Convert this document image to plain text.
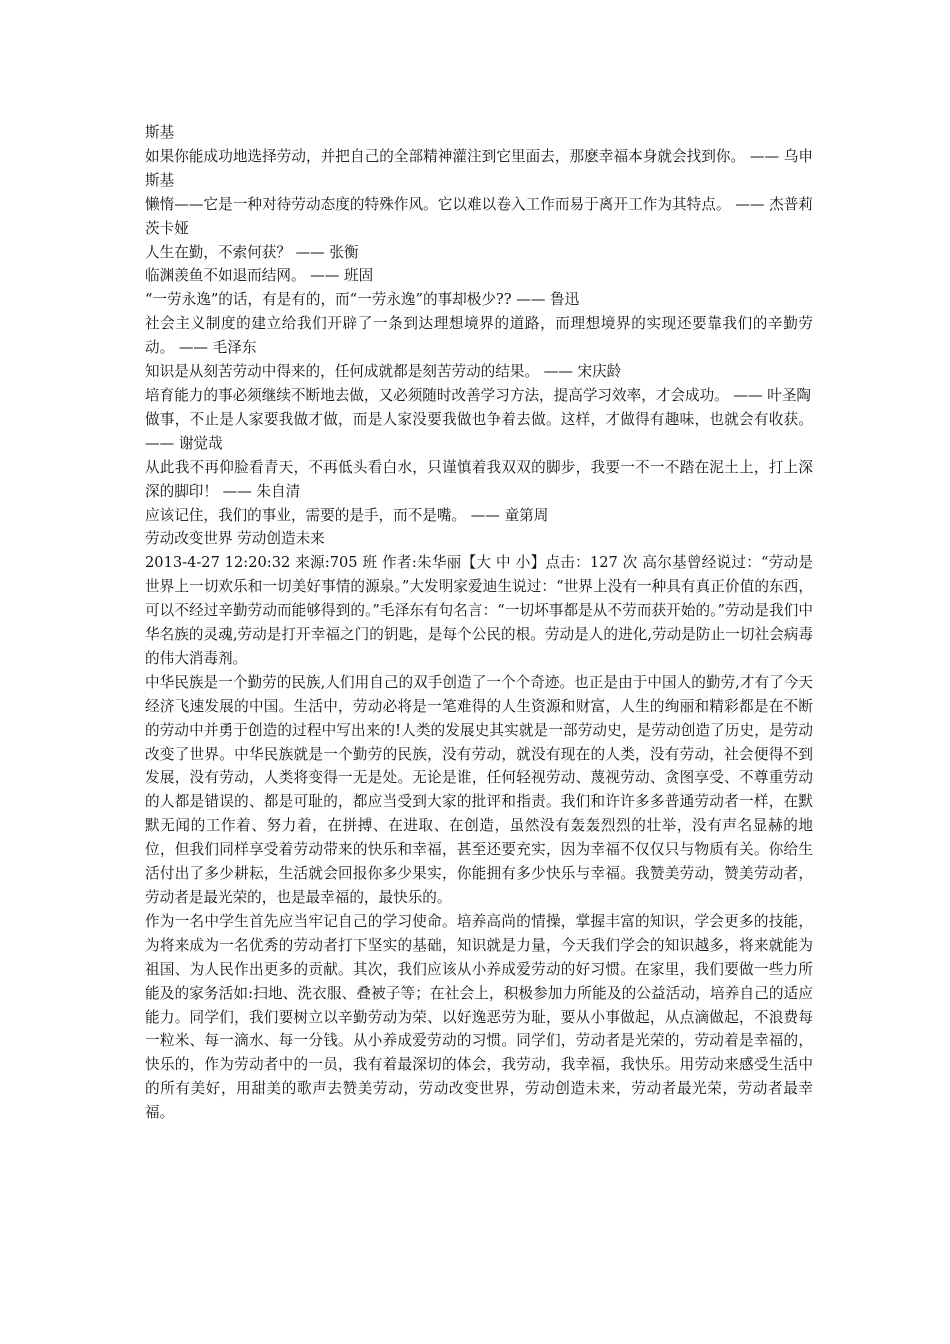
斯基

如果你能成功地选择劳动，并把自己的全部精神灌注到它里面去，那麽幸福本身就会找到你。 —— 乌申斯基

懒惰——它是一种对待劳动态度的特殊作风。它以难以卷入工作而易于离开工作为其特点。 —— 杰普莉茨卡娅

人生在勤，不索何获？ —— 张衡

临渊羡鱼不如退而结网。 —— 班固

“一劳永逸”的话，有是有的，而“一劳永逸”的事却极少?? —— 鲁迅

社会主义制度的建立给我们开辟了一条到达理想境界的道路，而理想境界的实现还要靠我们的辛勤劳动。 —— 毛泽东

知识是从刻苦劳动中得来的，任何成就都是刻苦劳动的结果。 —— 宋庆龄

培育能力的事必须继续不断地去做，又必须随时改善学习方法，提高学习效率，才会成功。 —— 叶圣陶

做事，不止是人家要我做才做，而是人家没要我做也争着去做。这样，才做得有趣味，也就会有收获。 —— 谢觉哉

从此我不再仰脸看青天，不再低头看白水，只谨慎着我双双的脚步，我要一不一不踏在泥土上，打上深深的脚印！ —— 朱自清

应该记住，我们的事业，需要的是手，而不是嘴。 —— 童第周

劳动改变世界 劳动创造未来

2013-4-27 12:20:32 来源:705 班 作者:朱华丽【大 中 小】点击：127 次 高尔基曾经说过：“劳动是世界上一切欢乐和一切美好事情的源泉。”大发明家爱迪生说过：“世界上没有一种具有真正价值的东西，可以不经过辛勤劳动而能够得到的。”毛泽东有句名言：“一切坏事都是从不劳而获开始的。”劳动是我们中华名族的灵魂,劳动是打开幸福之门的钥匙，是每个公民的根。劳动是人的进化,劳动是防止一切社会病毒的伟大消毒剂。

中华民族是一个勤劳的民族,人们用自己的双手创造了一个个奇迹。也正是由于中国人的勤劳,才有了今天经济飞速发展的中国。生活中，劳动必将是一笔难得的人生资源和财富，人生的绚丽和精彩都是在不断的劳动中并勇于创造的过程中写出来的!人类的发展史其实就是一部劳动史，是劳动创造了历史，是劳动改变了世界。中华民族就是一个勤劳的民族，没有劳动，就没有现在的人类，没有劳动，社会便得不到发展，没有劳动，人类将变得一无是处。无论是谁，任何轻视劳动、蔑视劳动、贪图享受、不尊重劳动的人都是错误的、都是可耻的，都应当受到大家的批评和指责。我们和许许多多普通劳动者一样，在默默无闻的工作着、努力着，在拼搏、在进取、在创造，虽然没有轰轰烈烈的壮举，没有声名显赫的地位，但我们同样享受着劳动带来的快乐和幸福，甚至还要充实，因为幸福不仅仅只与物质有关。你给生活付出了多少耕耘，生活就会回报你多少果实，你能拥有多少快乐与幸福。我赞美劳动，赞美劳动者，劳动者是最光荣的，也是最幸福的，最快乐的。

作为一名中学生首先应当牢记自己的学习使命。培养高尚的情操，掌握丰富的知识，学会更多的技能，为将来成为一名优秀的劳动者打下坚实的基础，知识就是力量，今天我们学会的知识越多，将来就能为祖国、为人民作出更多的贡献。其次，我们应该从小养成爱劳动的好习惯。在家里，我们要做一些力所能及的家务活如:扫地、洗衣服、叠被子等；在社会上，积极参加力所能及的公益活动，培养自己的适应能力。同学们，我们要树立以辛勤劳动为荣、以好逸恶劳为耻，要从小事做起，从点滴做起，不浪费每一粒米、每一滴水、每一分钱。从小养成爱劳动的习惯。同学们，劳动者是光荣的，劳动着是幸福的，快乐的，作为劳动者中的一员，我有着最深切的体会，我劳动，我幸福，我快乐。用劳动来感受生活中的所有美好，用甜美的歌声去赞美劳动，劳动改变世界，劳动创造未来，劳动者最光荣，劳动者最幸福。
